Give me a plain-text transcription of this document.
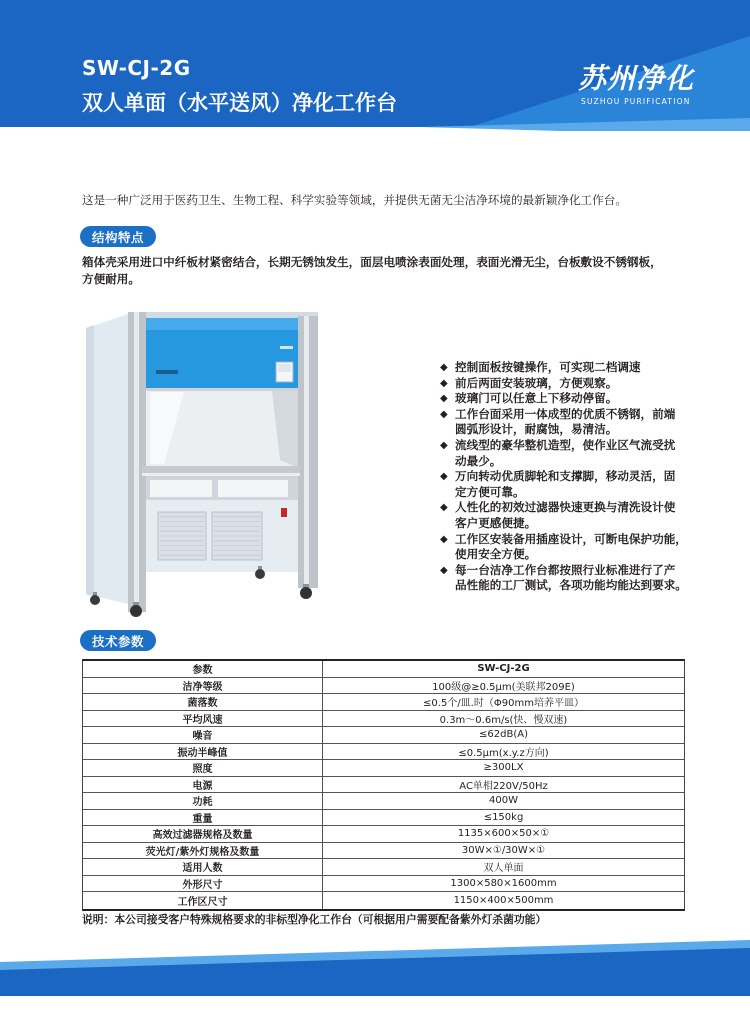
SW-CJ-2G
双人单面（水平送风）净化工作台
苏州净化
SUZHOU PURIFICATION
这是一种广泛用于医药卫生、生物工程、科学实验等领域，并提供无菌无尘洁净环境的最新颖净化工作台。
结构特点
箱体壳采用进口中纤板材紧密结合，长期无锈蚀发生，面层电喷涂表面处理，表面光滑无尘，台板敷设不锈钢板，
方便耐用。
◆ 控制面板按键操作，可实现二档调速
◆ 前后两面安装玻璃，方便观察。
◆ 玻璃门可以任意上下移动停留。
◆ 工作台面采用一体成型的优质不锈钢，前端
圆弧形设计，耐腐蚀，易清洁。
◆ 流线型的豪华整机造型，使作业区气流受扰
动最少。
◆ 万向转动优质脚轮和支撑脚，移动灵活，固
定方便可靠。
◆ 人性化的初效过滤器快速更换与清洗设计使
客户更感便捷。
◆ 工作区安装备用插座设计，可断电保护功能，
使用安全方便。
◆ 每一台洁净工作台都按照行业标准进行了产
品性能的工厂测试，各项功能均能达到要求。
技术参数
参数	SW-CJ-2G
洁净等级	100级@≥0.5μm(美联邦209E)
菌落数	≤0.5个/皿.时（Φ90mm培养平皿）
平均风速	0.3m～0.6m/s(快、慢双速)
噪音	≤62dB(A)
振动半峰值	≤0.5μm(x.y.z方向)
照度	≥300LX
电源	AC单相220V/50Hz
功耗	400W
重量	≤150kg
高效过滤器规格及数量	1135×600×50×①
荧光灯/紫外灯规格及数量	30W×①/30W×①
适用人数	双人单面
外形尺寸	1300×580×1600mm
工作区尺寸	1150×400×500mm
说明：本公司接受客户特殊规格要求的非标型净化工作台（可根据用户需要配备紫外灯杀菌功能）
